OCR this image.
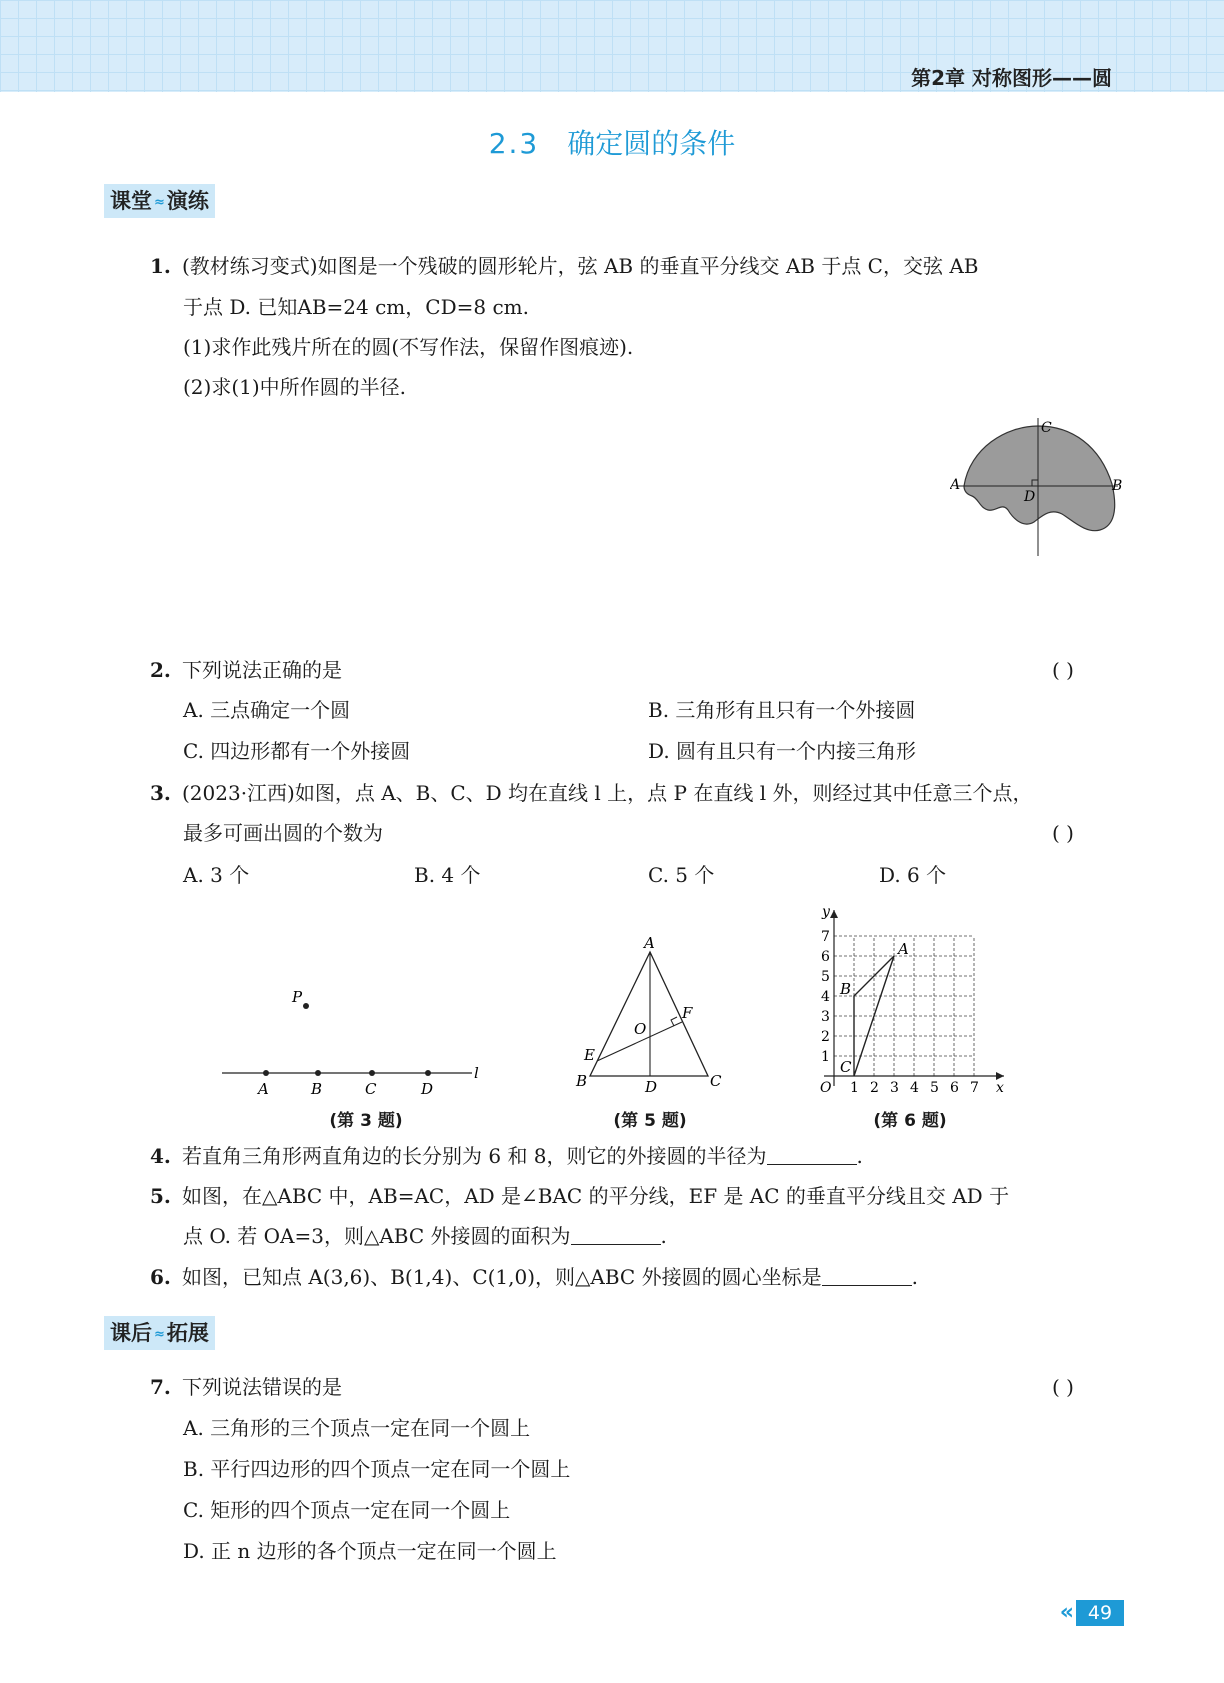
第2章 对称图形——圆
2.3 确定圆的条件
课堂 ≈演练
1. (教材练习变式)如图是一个残破的圆形轮片，弦 AB 的垂直平分线交 AB 于点 C，交弦 AB
于点 D. 已知AB=24 cm，CD=8 cm.
(1)求作此残片所在的圆(不写作法，保留作图痕迹).
(2)求(1)中所作圆的半径.
C
A
D
B
2. 下列说法正确的是	( )
A. 三点确定一个圆	B. 三角形有且只有一个外接圆
C. 四边形都有一个外接圆	D. 圆有且只有一个内接三角形
3. (2023·江西)如图，点 A、B、C、D 均在直线 l 上，点 P 在直线 l 外，则经过其中任意三个点，
最多可画出圆的个数为	( )
A. 3 个	B. 4 个	C. 5 个	D. 6 个
P
A	B	C	D
l
(第 3 题)
A
F
O
E
B	D	C
(第 5 题)
1 2 3 4 5 6 7
1
2
3
4
5
6
7
A
B
C
x
y
O
(第 6 题)
4. 若直角三角形两直角边的长分别为 6 和 8，则它的外接圆的半径为	.
5. 如图，在△ABC 中，AB=AC，AD 是∠BAC 的平分线，EF 是 AC 的垂直平分线且交 AD 于
点 O. 若 OA=3，则△ABC 外接圆的面积为	.
6. 如图，已知点 A(3,6)、B(1,4)、C(1,0)，则△ABC 外接圆的圆心坐标是	.
课后 ≈拓展
7. 下列说法错误的是	( )
A. 三角形的三个顶点一定在同一个圆上
B. 平行四边形的四个顶点一定在同一个圆上
C. 矩形的四个顶点一定在同一个圆上
D. 正 n 边形的各个顶点一定在同一个圆上
« 49
